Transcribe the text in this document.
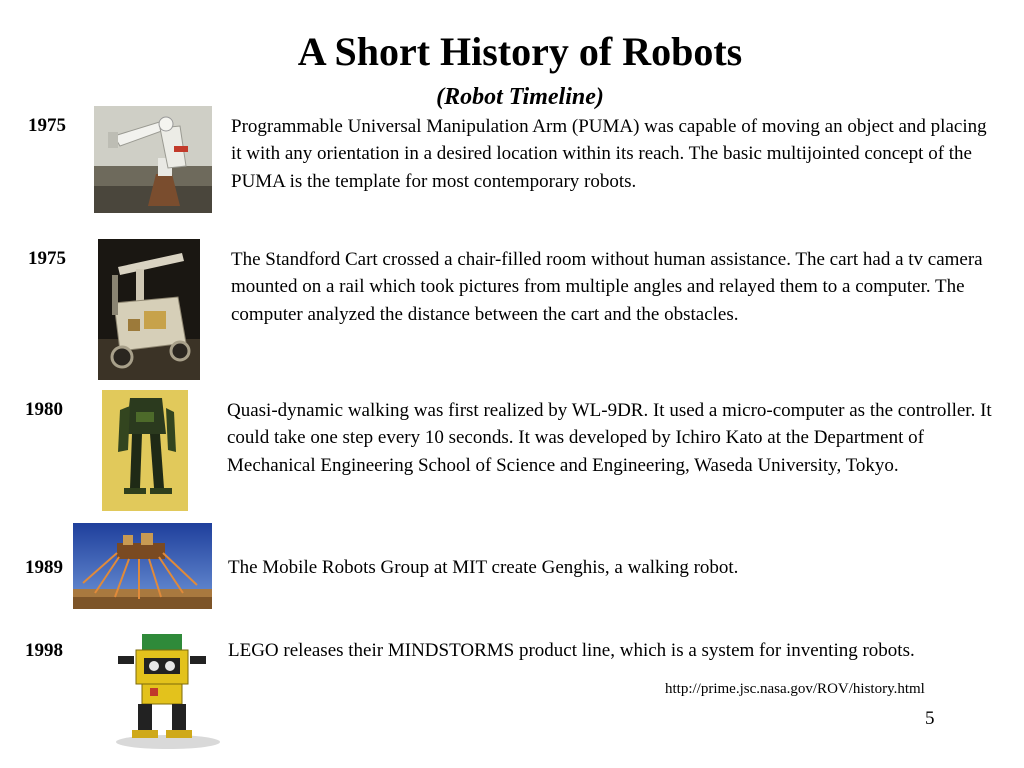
A Short History of Robots
(Robot Timeline)
1975	Programmable Universal Manipulation Arm (PUMA) was capable of moving an object and placing it with any orientation in a desired location within its reach. The basic multijointed concept of the PUMA is the template for most contemporary robots.
1975	The Standford Cart crossed a chair-filled room without human assistance. The cart had a tv camera mounted on a rail which took pictures from multiple angles and relayed them to a computer. The computer analyzed the distance between the cart and the obstacles.
1980	Quasi-dynamic walking was first realized by WL-9DR. It used a micro-computer as the controller. It could take one step every 10 seconds. It was developed by Ichiro Kato at the Department of Mechanical Engineering School of Science and Engineering, Waseda University, Tokyo.
1989	The Mobile Robots Group at MIT create Genghis, a walking robot.
1998	LEGO releases their MINDSTORMS product line, which is a system for inventing robots.
http://prime.jsc.nasa.gov/ROV/history.html
5
